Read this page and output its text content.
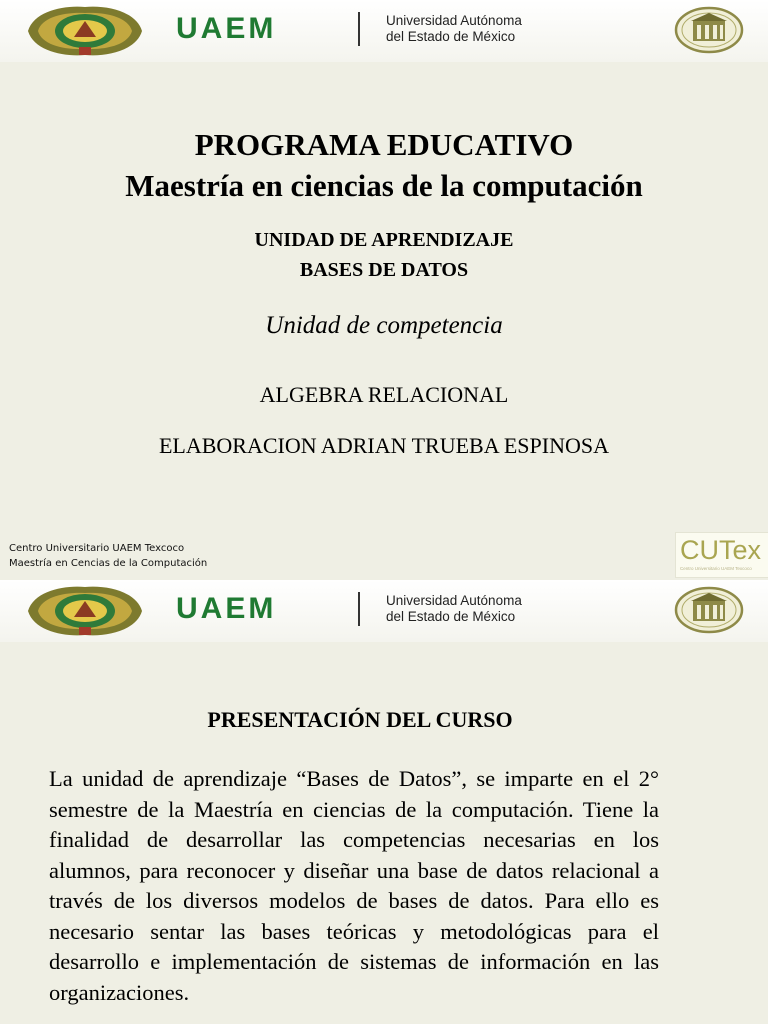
UAEM	Universidad Autónoma
del Estado de México
PROGRAMA EDUCATIVO
Maestría en ciencias de la computación
UNIDAD DE APRENDIZAJE
BASES DE DATOS
Unidad de competencia
ALGEBRA RELACIONAL
ELABORACION ADRIAN TRUEBA ESPINOSA
Centro Universitario UAEM Texcoco
Maestría en Cencias de la Computación	CUTex
Centro Universitario UAEM Texcoco
UAEM	Universidad Autónoma
del Estado de México
PRESENTACIÓN DEL CURSO
La unidad de aprendizaje “Bases de Datos”, se imparte en el 2° semestre de la Maestría en ciencias de la computación. Tiene la finalidad de desarrollar las competencias necesarias en los alumnos, para reconocer y diseñar una base de datos relacional a través de los diversos modelos de bases de datos. Para ello es necesario sentar las bases teóricas y metodológicas para el desarrollo e implementación de sistemas de información en las organizaciones.
